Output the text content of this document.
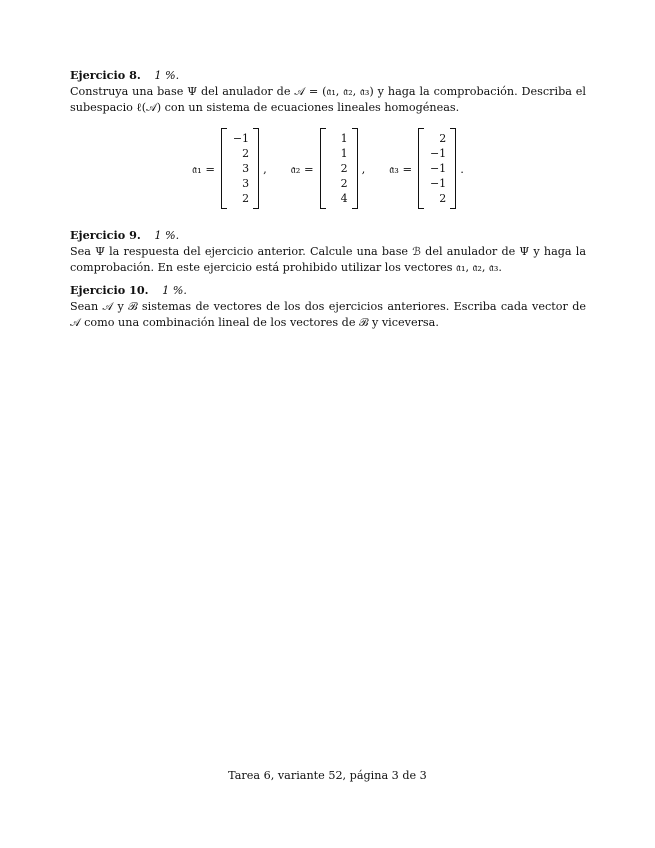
Ejercicio 8. 1 %.
Construya una base Ψ del anulador de 𝒜 = (𝔞₁, 𝔞₂, 𝔞₃) y haga la comprobación. Describa el subespacio ℓ(𝒜) con un sistema de ecuaciones lineales homogéneas.
𝔞₁ =
−1
2
3
3
2
, 𝔞₂ =
1
1
2
2
4
, 𝔞₃ =
2
−1
−1
−1
2
.
Ejercicio 9. 1 %.
Sea Ψ la respuesta del ejercicio anterior. Calcule una base ℬ del anulador de Ψ y haga la comprobación. En este ejercicio está prohibido utilizar los vectores 𝔞₁, 𝔞₂, 𝔞₃.
Ejercicio 10. 1 %.
Sean 𝒜 y ℬ sistemas de vectores de los dos ejercicios anteriores. Escriba cada vector de 𝒜 como una combinación lineal de los vectores de ℬ y viceversa.
Tarea 6, variante 52, página 3 de 3
